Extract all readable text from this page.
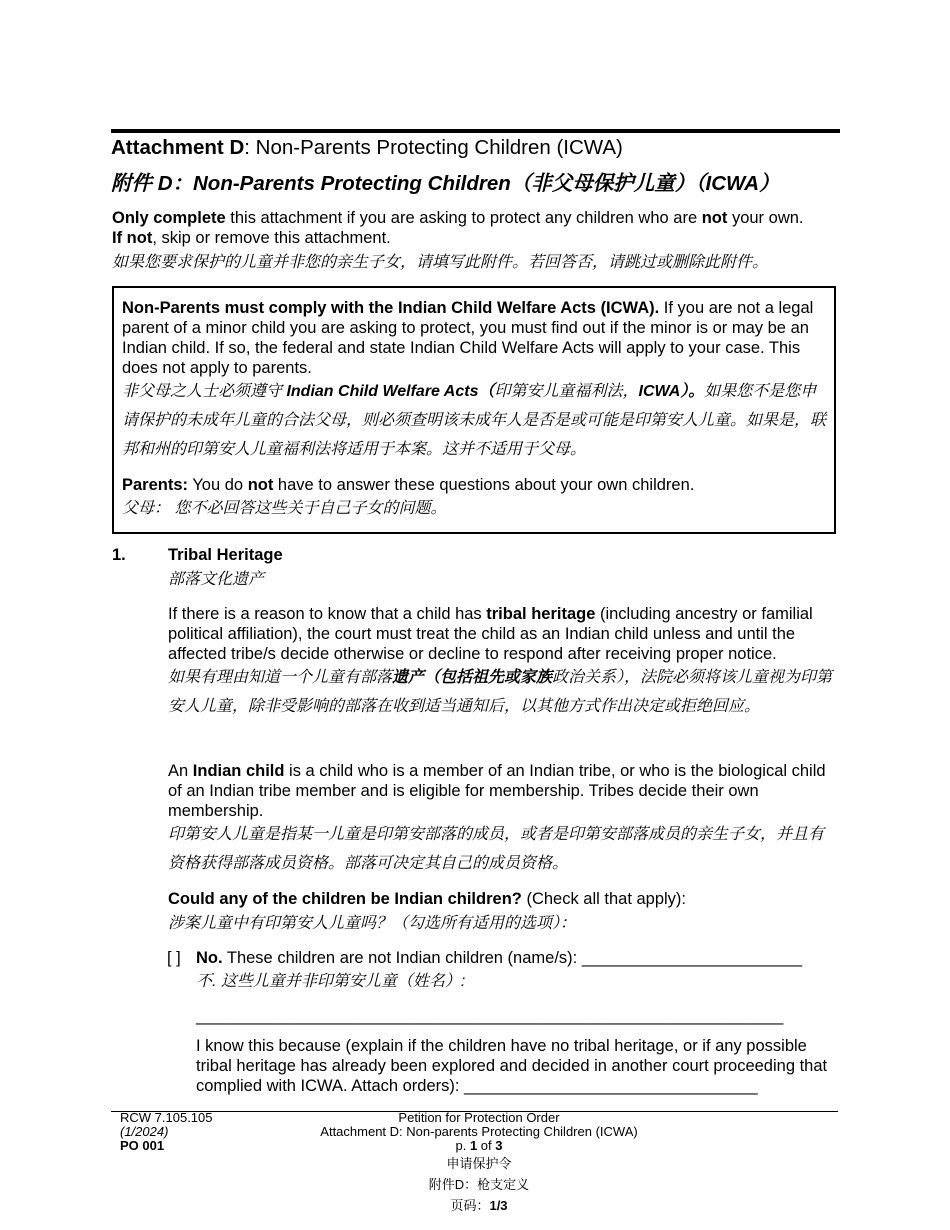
Attachment D: Non-Parents Protecting Children (ICWA)
附件 D：Non-Parents Protecting Children（非父母保护儿童）（ICWA）
Only complete this attachment if you are asking to protect any children who are not your own.
If not, skip or remove this attachment.
如果您要求保护的儿童并非您的亲生子女，请填写此附件。若回答否，请跳过或删除此附件。
Non-Parents must comply with the Indian Child Welfare Acts (ICWA). If you are not a legal parent of a minor child you are asking to protect, you must find out if the minor is or may be an Indian child. If so, the federal and state Indian Child Welfare Acts will apply to your case. This does not apply to parents.
非父母之人士必须遵守 Indian Child Welfare Acts（印第安儿童福利法，ICWA）。如果您不是您申请保护的未成年儿童的合法父母，则必须查明该未成年人是否是或可能是印第安人儿童。如果是，联邦和州的印第安人儿童福利法将适用于本案。这并不适用于父母。
Parents: You do not have to answer these questions about your own children.
父母： 您不必回答这些关于自己子女的问题。
1.	Tribal Heritage
部落文化遗产
If there is a reason to know that a child has tribal heritage (including ancestry or familial political affiliation), the court must treat the child as an Indian child unless and until the affected tribe/s decide otherwise or decline to respond after receiving proper notice.
如果有理由知道一个儿童有部落遗产（包括祖先或家族政治关系），法院必须将该儿童视为印第安人儿童，除非受影响的部落在收到适当通知后，以其他方式作出决定或拒绝回应。
An Indian child is a child who is a member of an Indian tribe, or who is the biological child of an Indian tribe member and is eligible for membership. Tribes decide their own membership.
印第安人儿童是指某一儿童是印第安部落的成员，或者是印第安部落成员的亲生子女，并且有资格获得部落成员资格。部落可决定其自己的成员资格。
Could any of the children be Indian children? (Check all that apply):
涉案儿童中有印第安人儿童吗？（勾选所有适用的选项）：
[ ] No. These children are not Indian children (name/s): ________________________
不. 这些儿童并非印第安儿童（姓名）:
________________________________________________________________
I know this because (explain if the children have no tribal heritage, or if any possible tribal heritage has already been explored and decided in another court proceeding that complied with ICWA. Attach orders): ________________________________
RCW 7.105.105
(1/2024)
PO 001
Petition for Protection Order
Attachment D: Non-parents Protecting Children (ICWA)
p. 1 of 3
申请保护令
附件D：枪支定义
页码：1/3
